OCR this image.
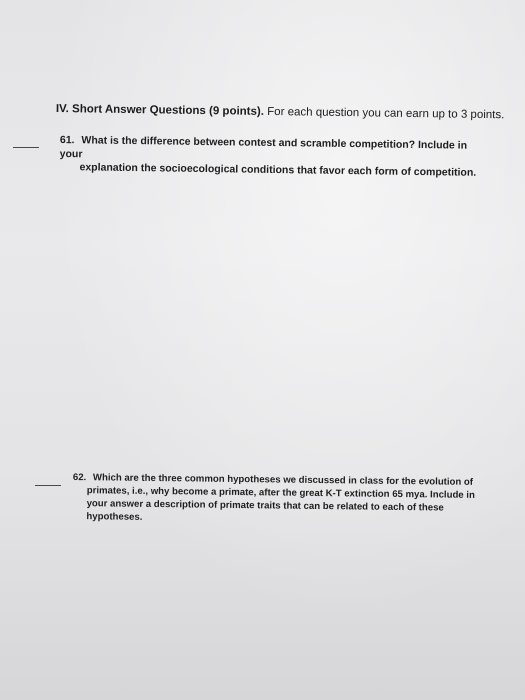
IV. Short Answer Questions (9 points). For each question you can earn up to 3 points.
61. What is the difference between contest and scramble competition? Include in your
explanation the socioecological conditions that favor each form of competition.
62. Which are the three common hypotheses we discussed in class for the evolution of
primates, i.e., why become a primate, after the great K-T extinction 65 mya. Include in your answer a description of primate traits that can be related to each of these hypotheses.
